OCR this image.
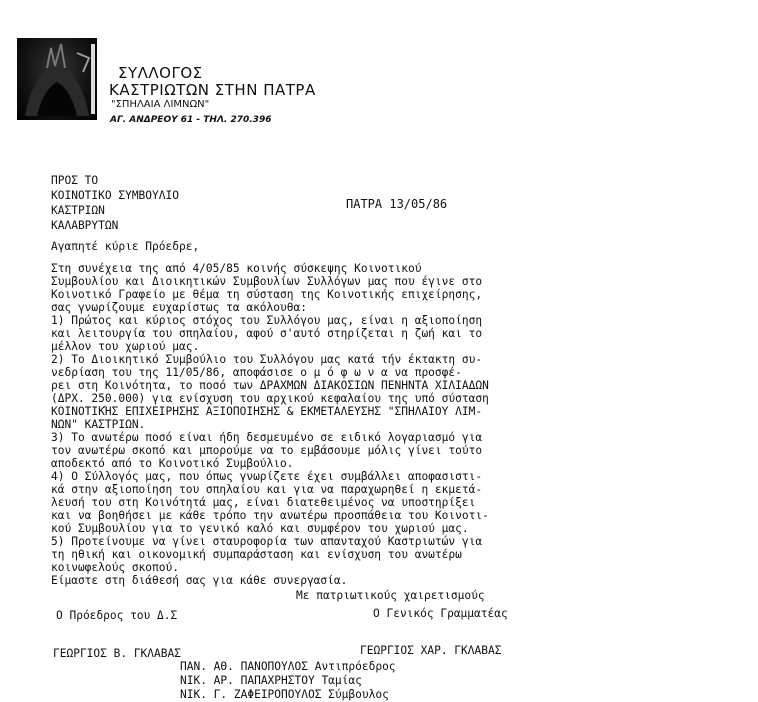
ΣΥΛΛΟΓΟΣ
ΚΑΣΤΡΙΩΤΩΝ ΣΤΗΝ ΠΑΤΡΑ
"ΣΠΗΛΑΙΑ ΛΙΜΝΩΝ"
ΑΓ. ΑΝΔΡΕΟΥ 61 - ΤΗΛ. 270.396
ΠΡΟΣ ΤΟ
ΚΟΙΝΟΤΙΚΟ ΣΥΜΒΟΥΛΙΟ
ΚΑΣΤΡΙΩΝ
ΚΑΛΑΒΡΥΤΩΝ
ΠΑΤΡΑ 13/05/86
Αγαπητέ κύριε Πρόεδρε,
Στη συνέχεια της από 4/05/85 κοινής σύσκεψης Κοινοτικού
Συμβουλίου και Διοικητικών Συμβουλίων Συλλόγων μας που έγινε στο
Κοινοτικό Γραφείο με θέμα τη σύσταση της Κοινοτικής επιχείρησης,
σας γνωρίζουμε ευχαρίστως τα ακόλουθα:
1) Πρώτος και κύριος στόχος του Συλλόγου μας, είναι η αξιοποίηση
και λειτουργία του σπηλαίου, αφού σ'αυτό στηρίζεται η ζωή και το
μέλλον του χωριού μας.
2) Το Διοικητικό Συμβούλιο του Συλλόγου μας κατά τήν έκτακτη συ-
νεδρίαση του της 11/05/86, αποφάσισε ο μ ό φ ω ν α να προσφέ-
ρει στη Κοινότητα, το ποσό των ΔΡΑΧΜΩΝ ΔΙΑΚΟΣΙΩΝ ΠΕΝΗΝΤΑ ΧΙΛΙΑΔΩΝ
(ΔΡΧ. 250.000) για ενίσχυση του αρχικού κεφαλαίου της υπό σύσταση
ΚΟΙΝΟΤΙΚΉΣ ΕΠΙΧΕΙΡΗΣΗΣ ΑΞΙΟΠΟΙΗΣΗΣ & ΕΚΜΕΤΑΛΕΥΣΗΣ "ΣΠΗΛΑΙΟΥ ΛΙΜ-
ΝΩΝ" ΚΑΣΤΡΙΩΝ.
3) Το ανωτέρω ποσό είναι ήδη δεσμευμένο σε ειδικό λογαριασμό για
τον ανωτέρω σκοπό και μπορούμε να το εμβάσουμε μόλις γίνει τούτο
αποδεκτό από το Κοινοτικό Συμβούλιο.
4) Ο Σύλλογός μας, που όπως γνωρίζετε έχει συμβάλλει αποφασιστι-
κά στην αξιοποίηση του σπηλαίου και για να παραχωρηθεί η εκμετά-
λευσή του στη Κοινότητά μας, είναι διατεθειμένος να υποστηρίξει
και να βοηθήσει με κάθε τρόπο την ανωτέρω προσπάθεια του Κοινοτι-
κού Συμβουλίου για το γενικό καλό και συμφέρον του χωριού μας.
5) Προτείνουμε να γίνει σταυροφορία των απανταχού Καστριωτών για
τη ηθική και οικονομική συμπαράσταση και ενίσχυση του ανωτέρω
κοινωφελούς σκοπού.
Είμαστε στη διάθεσή σας για κάθε συνεργασία.
Με πατριωτικούς χαιρετισμούς
Ο Πρόεδρος του Δ.Σ	Ο Γενικός Γραμματέας
ΓΕΩΡΓΙΟΣ Β. ΓΚΛΑΒΑΣ	ΓΕΩΡΓΙΟΣ ΧΑΡ. ΓΚΛΑΒΑΣ
ΠΑΝ. ΑΘ. ΠΑΝΟΠΟΥΛΟΣ Αντιπρόεδρος
ΝΙΚ. ΑΡ. ΠΑΠΑΧΡΗΣΤΟΥ Ταμίας
ΝΙΚ. Γ. ΖΑΦΕΙΡΟΠΟΥΛΟΣ Σύμβουλος
